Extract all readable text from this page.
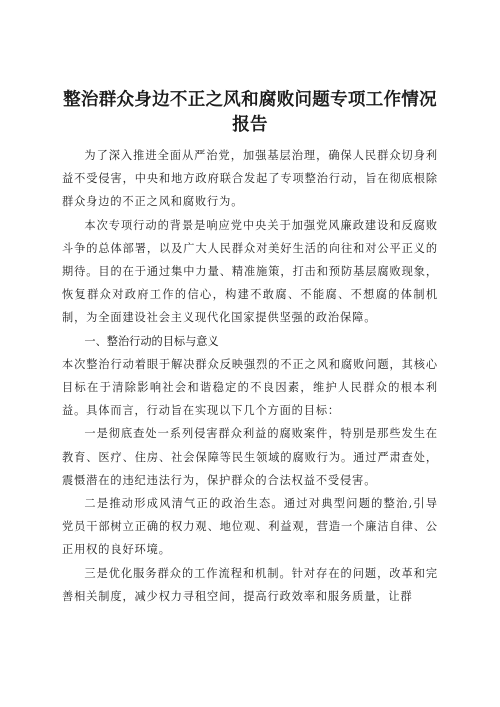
整治群众身边不正之风和腐败问题专项工作情况报告

为了深入推进全面从严治党，加强基层治理，确保人民群众切身利益不受侵害，中央和地方政府联合发起了专项整治行动，旨在彻底根除群众身边的不正之风和腐败行为。

本次专项行动的背景是响应党中央关于加强党风廉政建设和反腐败斗争的总体部署，以及广大人民群众对美好生活的向往和对公平正义的期待。目的在于通过集中力量、精准施策，打击和预防基层腐败现象，恢复群众对政府工作的信心，构建不敢腐、不能腐、不想腐的体制机制，为全面建设社会主义现代化国家提供坚强的政治保障。

一、整治行动的目标与意义

本次整治行动着眼于解决群众反映强烈的不正之风和腐败问题，其核心目标在于清除影响社会和谐稳定的不良因素，维护人民群众的根本利益。具体而言，行动旨在实现以下几个方面的目标：

一是彻底查处一系列侵害群众利益的腐败案件，特别是那些发生在教育、医疗、住房、社会保障等民生领域的腐败行为。通过严肃查处，震慑潜在的违纪违法行为，保护群众的合法权益不受侵害。

二是推动形成风清气正的政治生态。通过对典型问题的整治,引导党员干部树立正确的权力观、地位观、利益观，营造一个廉洁自律、公正用权的良好环境。

三是优化服务群众的工作流程和机制。针对存在的问题，改革和完善相关制度，减少权力寻租空间，提高行政效率和服务质量，让群
